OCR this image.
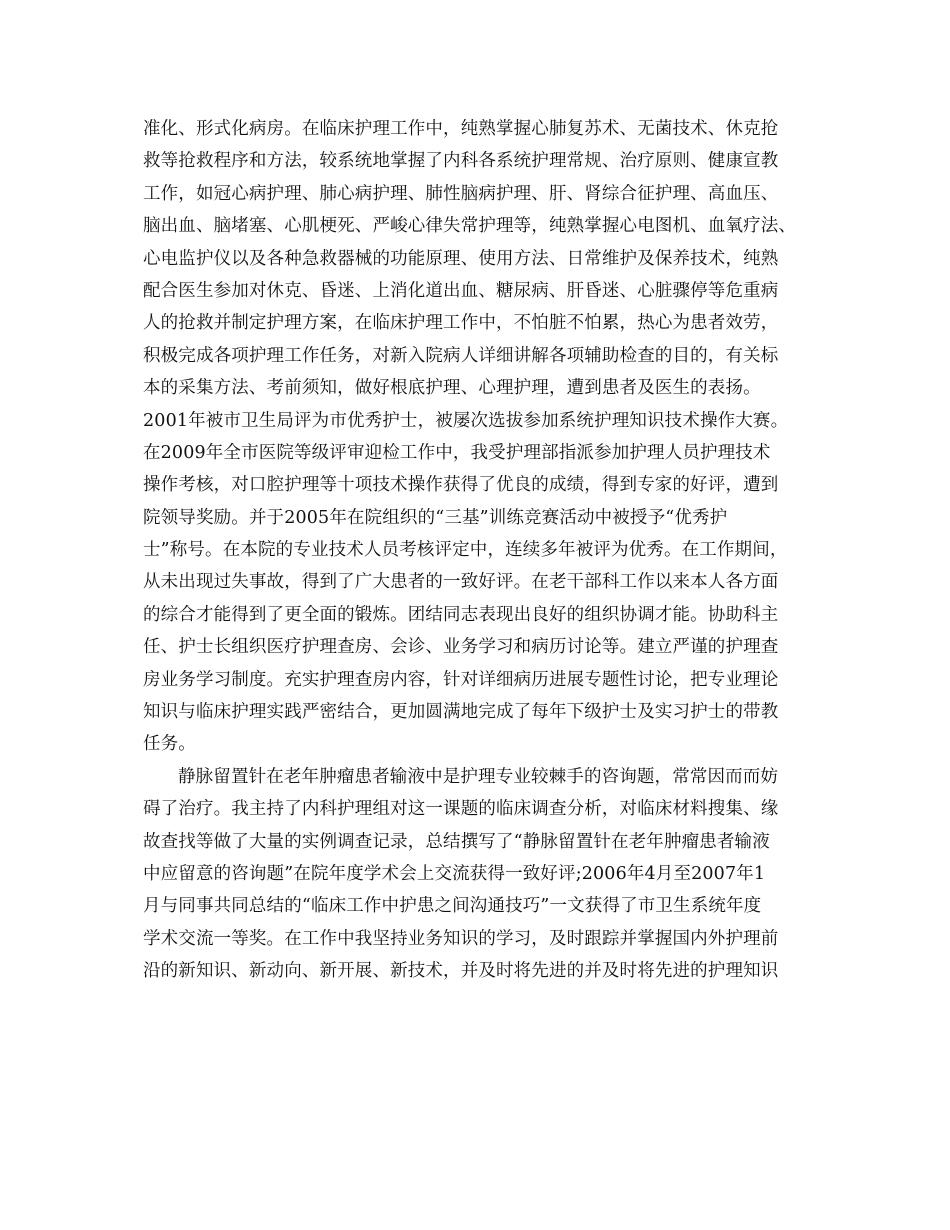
准化、形式化病房。在临床护理工作中，纯熟掌握心肺复苏术、无菌技术、休克抢
救等抢救程序和方法，较系统地掌握了内科各系统护理常规、治疗原则、健康宣教
工作，如冠心病护理、肺心病护理、肺性脑病护理、肝、肾综合征护理、高血压、
脑出血、脑堵塞、心肌梗死、严峻心律失常护理等，纯熟掌握心电图机、血氧疗法、
心电监护仪以及各种急救器械的功能原理、使用方法、日常维护及保养技术，纯熟
配合医生参加对休克、昏迷、上消化道出血、糖尿病、肝昏迷、心脏骤停等危重病
人的抢救并制定护理方案，在临床护理工作中，不怕脏不怕累，热心为患者效劳，
积极完成各项护理工作任务，对新入院病人详细讲解各项辅助检查的目的，有关标
本的采集方法、考前须知，做好根底护理、心理护理，遭到患者及医生的表扬。
2001年被市卫生局评为市优秀护士，被屡次选拔参加系统护理知识技术操作大赛。
在2009年全市医院等级评审迎检工作中，我受护理部指派参加护理人员护理技术
操作考核，对口腔护理等十项技术操作获得了优良的成绩，得到专家的好评，遭到
院领导奖励。并于2005年在院组织的“三基”训练竞赛活动中被授予“优秀护
士”称号。在本院的专业技术人员考核评定中，连续多年被评为优秀。在工作期间，
从未出现过失事故，得到了广大患者的一致好评。在老干部科工作以来本人各方面
的综合才能得到了更全面的锻炼。团结同志表现出良好的组织协调才能。协助科主
任、护士长组织医疗护理查房、会诊、业务学习和病历讨论等。建立严谨的护理查
房业务学习制度。充实护理查房内容，针对详细病历进展专题性讨论，把专业理论
知识与临床护理实践严密结合，更加圆满地完成了每年下级护士及实习护士的带教
任务。
静脉留置针在老年肿瘤患者输液中是护理专业较棘手的咨询题，常常因而而妨
碍了治疗。我主持了内科护理组对这一课题的临床调查分析，对临床材料搜集、缘
故查找等做了大量的实例调查记录，总结撰写了“静脉留置针在老年肿瘤患者输液
中应留意的咨询题”在院年度学术会上交流获得一致好评;2006年4月至2007年1
月与同事共同总结的“临床工作中护患之间沟通技巧”一文获得了市卫生系统年度
学术交流一等奖。在工作中我坚持业务知识的学习，及时跟踪并掌握国内外护理前
沿的新知识、新动向、新开展、新技术，并及时将先进的并及时将先进的护理知识
